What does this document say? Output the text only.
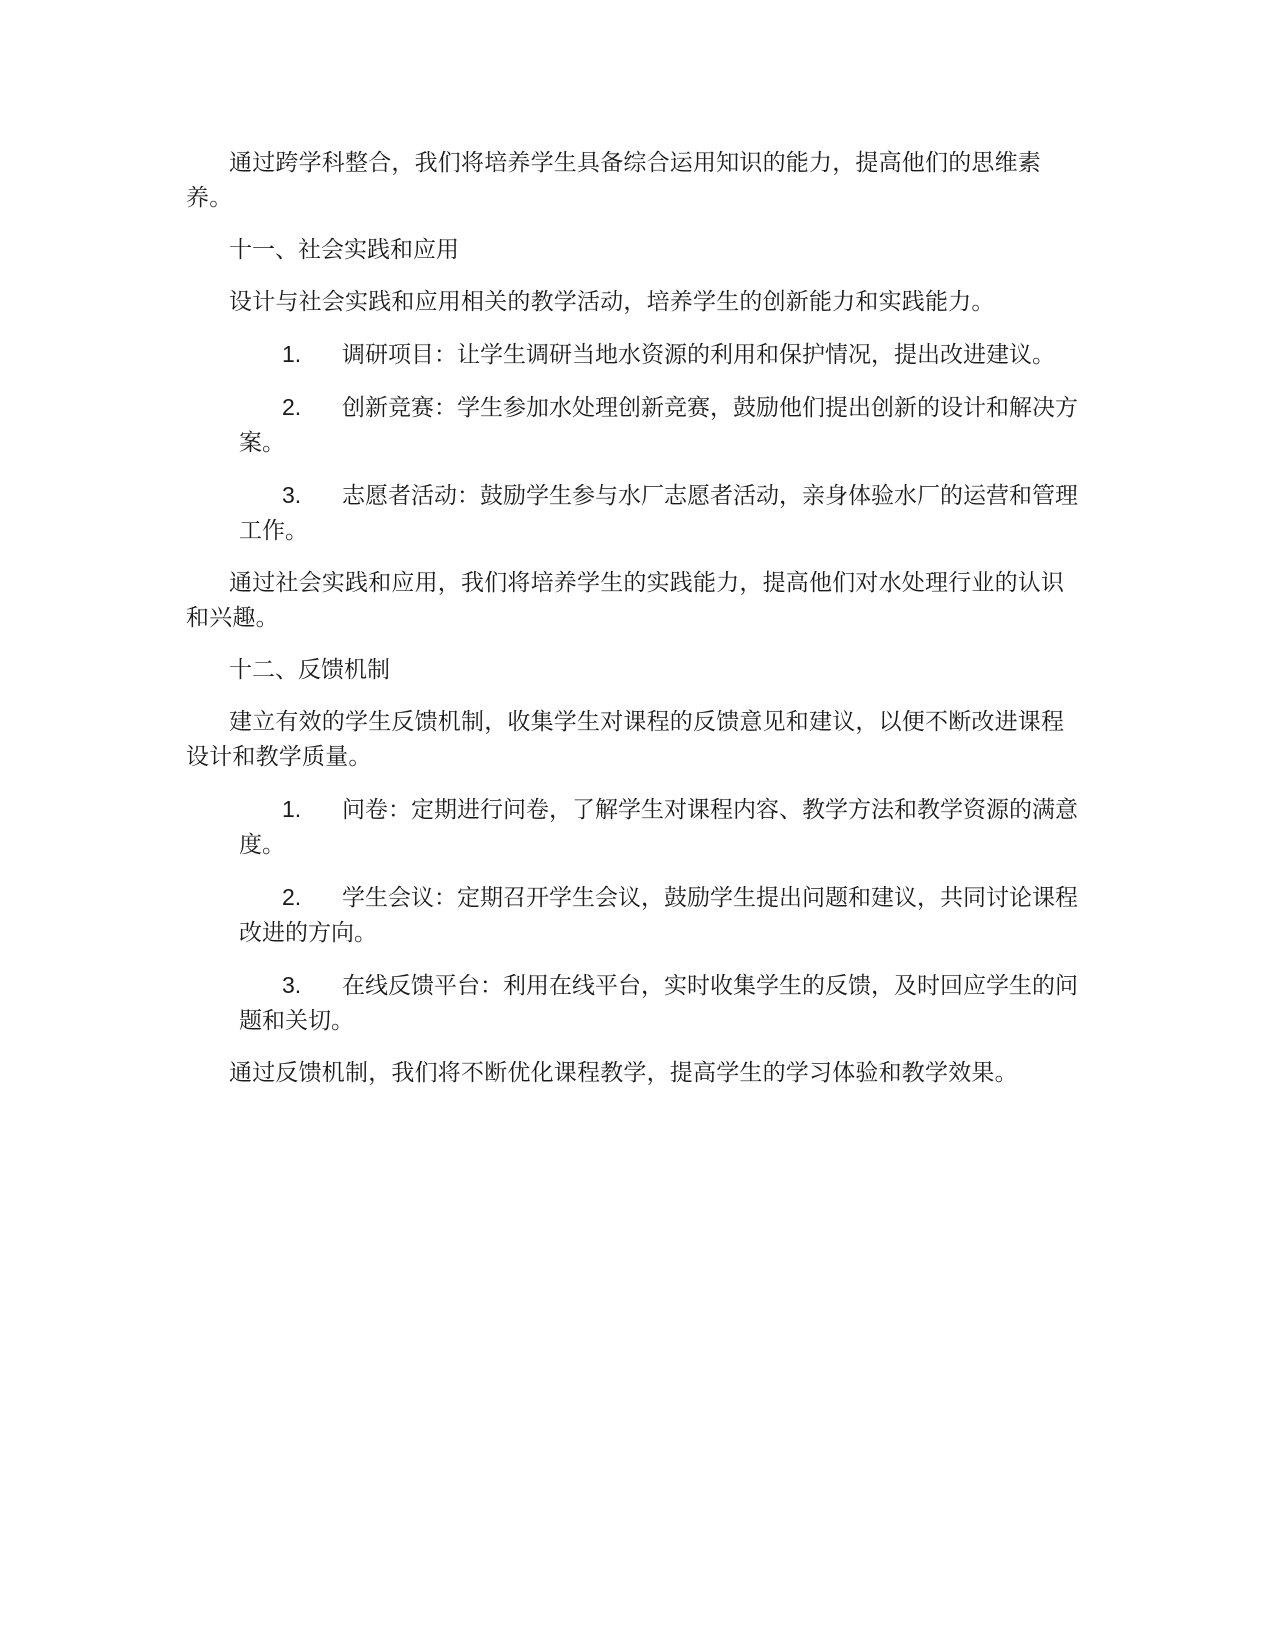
通过跨学科整合，我们将培养学生具备综合运用知识的能力，提高他们的思维素养。

十一、社会实践和应用

设计与社会实践和应用相关的教学活动，培养学生的创新能力和实践能力。

1. 调研项目：让学生调研当地水资源的利用和保护情况，提出改进建议。
2. 创新竞赛：学生参加水处理创新竞赛，鼓励他们提出创新的设计和解决方案。
3. 志愿者活动：鼓励学生参与水厂志愿者活动，亲身体验水厂的运营和管理工作。

通过社会实践和应用，我们将培养学生的实践能力，提高他们对水处理行业的认识和兴趣。

十二、反馈机制

建立有效的学生反馈机制，收集学生对课程的反馈意见和建议，以便不断改进课程设计和教学质量。

1. 问卷：定期进行问卷，了解学生对课程内容、教学方法和教学资源的满意度。
2. 学生会议：定期召开学生会议，鼓励学生提出问题和建议，共同讨论课程改进的方向。
3. 在线反馈平台：利用在线平台，实时收集学生的反馈，及时回应学生的问题和关切。

通过反馈机制，我们将不断优化课程教学，提高学生的学习体验和教学效果。
